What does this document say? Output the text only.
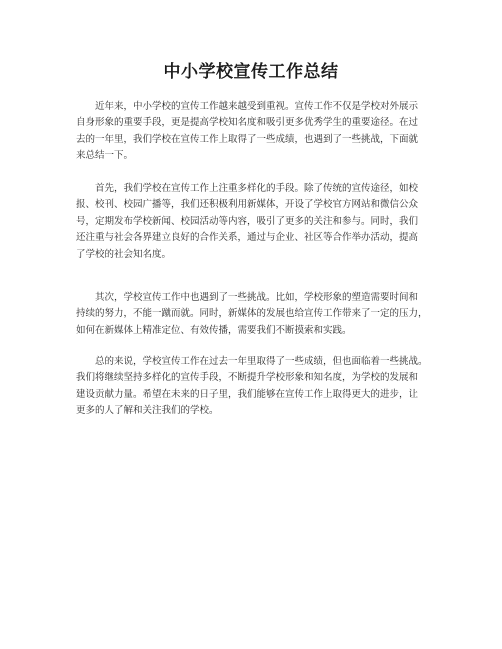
中小学校宣传工作总结
近年来，中小学校的宣传工作越来越受到重视。宣传工作不仅是学校对外展示
自身形象的重要手段，更是提高学校知名度和吸引更多优秀学生的重要途径。在过
去的一年里，我们学校在宣传工作上取得了一些成绩，也遇到了一些挑战，下面就
来总结一下。
首先，我们学校在宣传工作上注重多样化的手段。除了传统的宣传途径，如校
报、校刊、校园广播等，我们还积极利用新媒体，开设了学校官方网站和微信公众
号，定期发布学校新闻、校园活动等内容，吸引了更多的关注和参与。同时，我们
还注重与社会各界建立良好的合作关系，通过与企业、社区等合作举办活动，提高
了学校的社会知名度。
其次，学校宣传工作中也遇到了一些挑战。比如，学校形象的塑造需要时间和
持续的努力，不能一蹴而就。同时，新媒体的发展也给宣传工作带来了一定的压力，
如何在新媒体上精准定位、有效传播，需要我们不断摸索和实践。
总的来说，学校宣传工作在过去一年里取得了一些成绩，但也面临着一些挑战。
我们将继续坚持多样化的宣传手段，不断提升学校形象和知名度，为学校的发展和
建设贡献力量。希望在未来的日子里，我们能够在宣传工作上取得更大的进步，让
更多的人了解和关注我们的学校。
